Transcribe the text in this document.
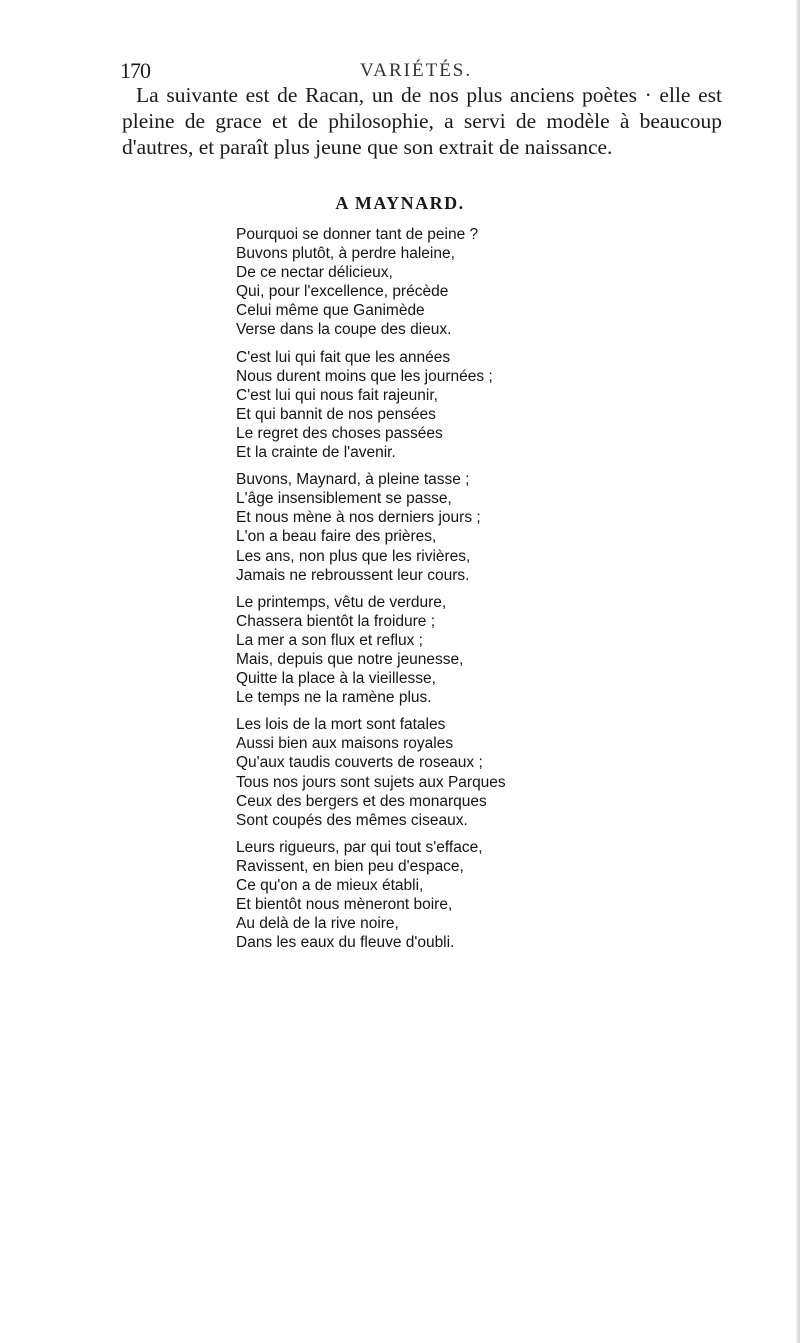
170	VARIÉTÉS.

La suivante est de Racan, un de nos plus anciens poètes · elle est pleine de grace et de philosophie, a servi de modèle à beaucoup d'autres, et paraît plus jeune que son extrait de naissance.

A MAYNARD.
Pourquoi se donner tant de peine ?
Buvons plutôt, à perdre haleine,
De ce nectar délicieux,
Qui, pour l'excellence, précède
Celui même que Ganimède
Verse dans la coupe des dieux.
C'est lui qui fait que les années
Nous durent moins que les journées ;
C'est lui qui nous fait rajeunir,
Et qui bannit de nos pensées
Le regret des choses passées
Et la crainte de l'avenir.
Buvons, Maynard, à pleine tasse ;
L'âge insensiblement se passe,
Et nous mène à nos derniers jours ;
L'on a beau faire des prières,
Les ans, non plus que les rivières,
Jamais ne rebroussent leur cours.
Le printemps, vêtu de verdure,
Chassera bientôt la froidure ;
La mer a son flux et reflux ;
Mais, depuis que notre jeunesse,
Quitte la place à la vieillesse,
Le temps ne la ramène plus.
Les lois de la mort sont fatales
Aussi bien aux maisons royales
Qu'aux taudis couverts de roseaux ;
Tous nos jours sont sujets aux Parques
Ceux des bergers et des monarques
Sont coupés des mêmes ciseaux.
Leurs rigueurs, par qui tout s'efface,
Ravissent, en bien peu d'espace,
Ce qu'on a de mieux établi,
Et bientôt nous mèneront boire,
Au delà de la rive noire,
Dans les eaux du fleuve d'oubli.
